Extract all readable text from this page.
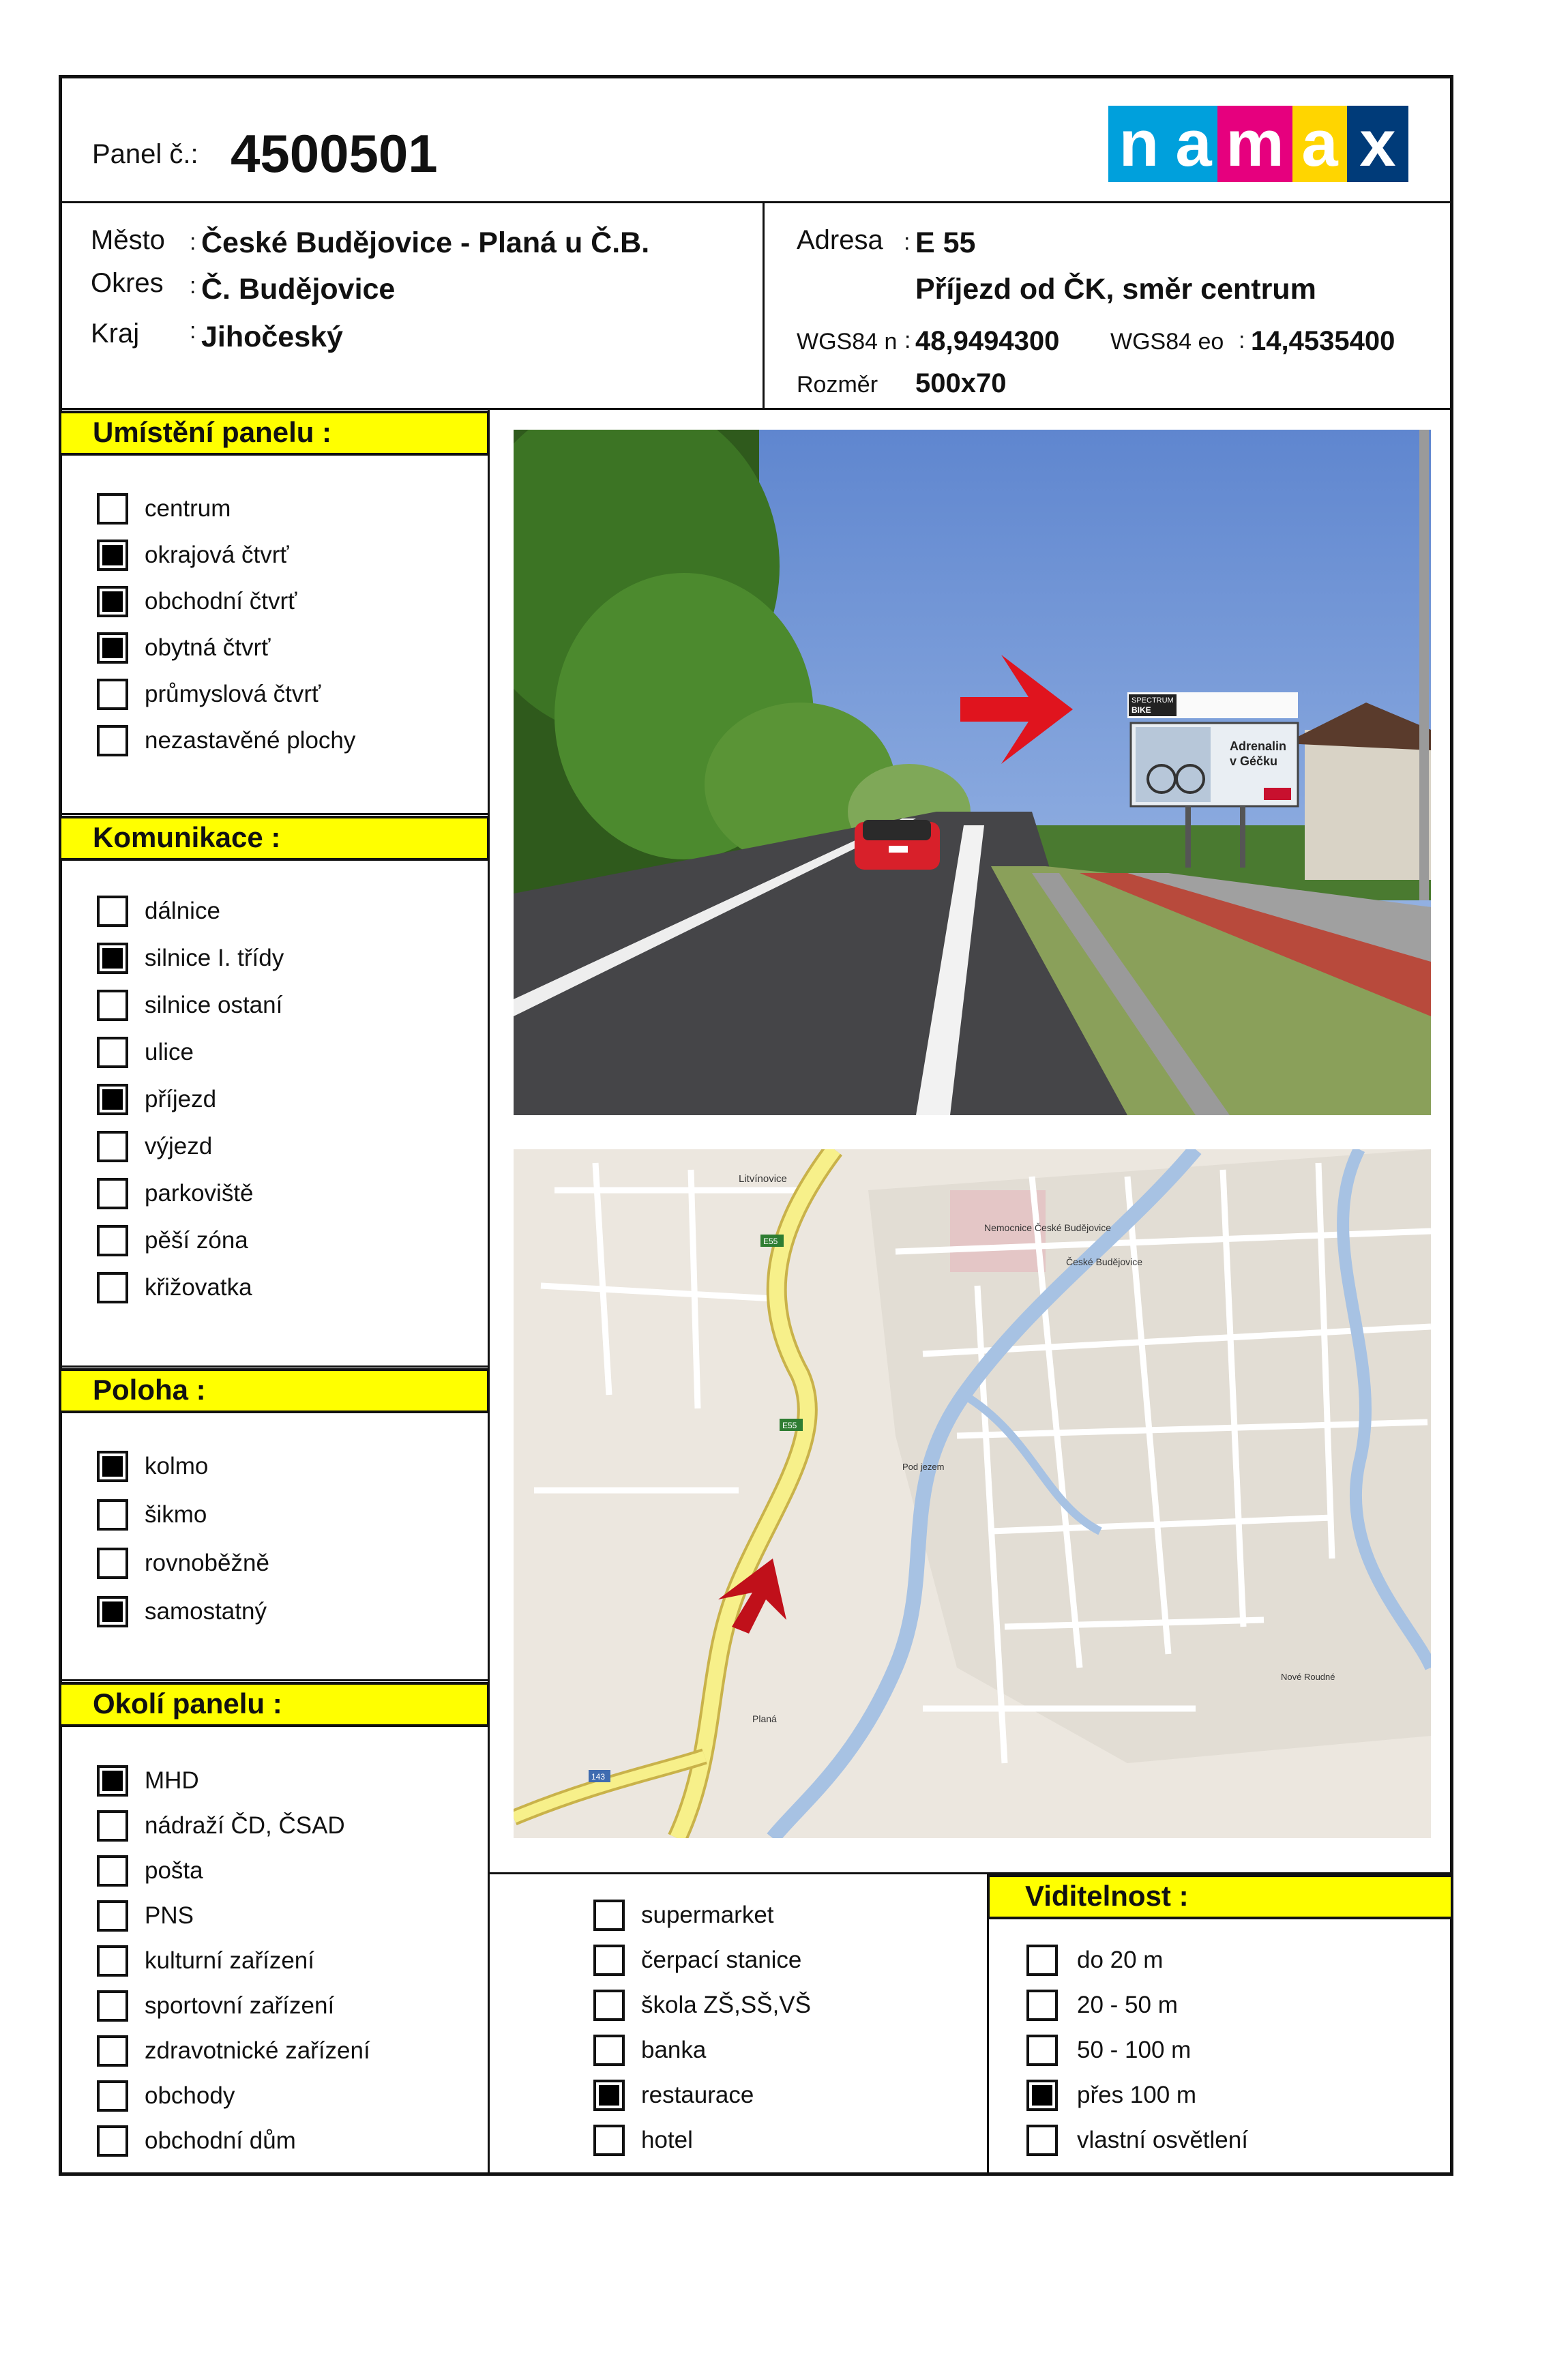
Panel č.: 4500501	n a m a x
Město : České Budějovice - Planá u Č.B.
Okres : Č. Budějovice
Kraj : Jihočeský
Adresa : E 55
Příjezd od ČK, směr centrum
WGS84 n : 48,9494300 WGS84 eo : 14,4535400
Rozměr 500x70
Umístění panelu :
Komunikace :
Poloha :
Okolí panelu :
Viditelnost :
centrum
okrajová čtvrť
obchodní čtvrť
obytná čtvrť
průmyslová čtvrť
nezastavěné plochy
dálnice
silnice I. třídy
silnice ostaní
ulice
příjezd
výjezd
parkoviště
pěší zóna
křižovatka
kolmo
šikmo
rovnoběžně
samostatný
MHD
nádraží ČD, ČSAD
pošta
PNS
kulturní zařízení
sportovní zařízení
zdravotnické zařízení
obchody
obchodní dům
supermarket
čerpací stanice
škola ZŠ,SŠ,VŠ
banka
restaurace
hotel
do 20 m
20 - 50 m
50 - 100 m
přes 100 m
vlastní osvětlení
SPECTRUM
BIKE
Adrenalin
v Géčku
Litvínovice
Nemocnice České Budějovice
České Budějovice
Pod jezem
Planá
Nové Roudné
E55
E55
143
